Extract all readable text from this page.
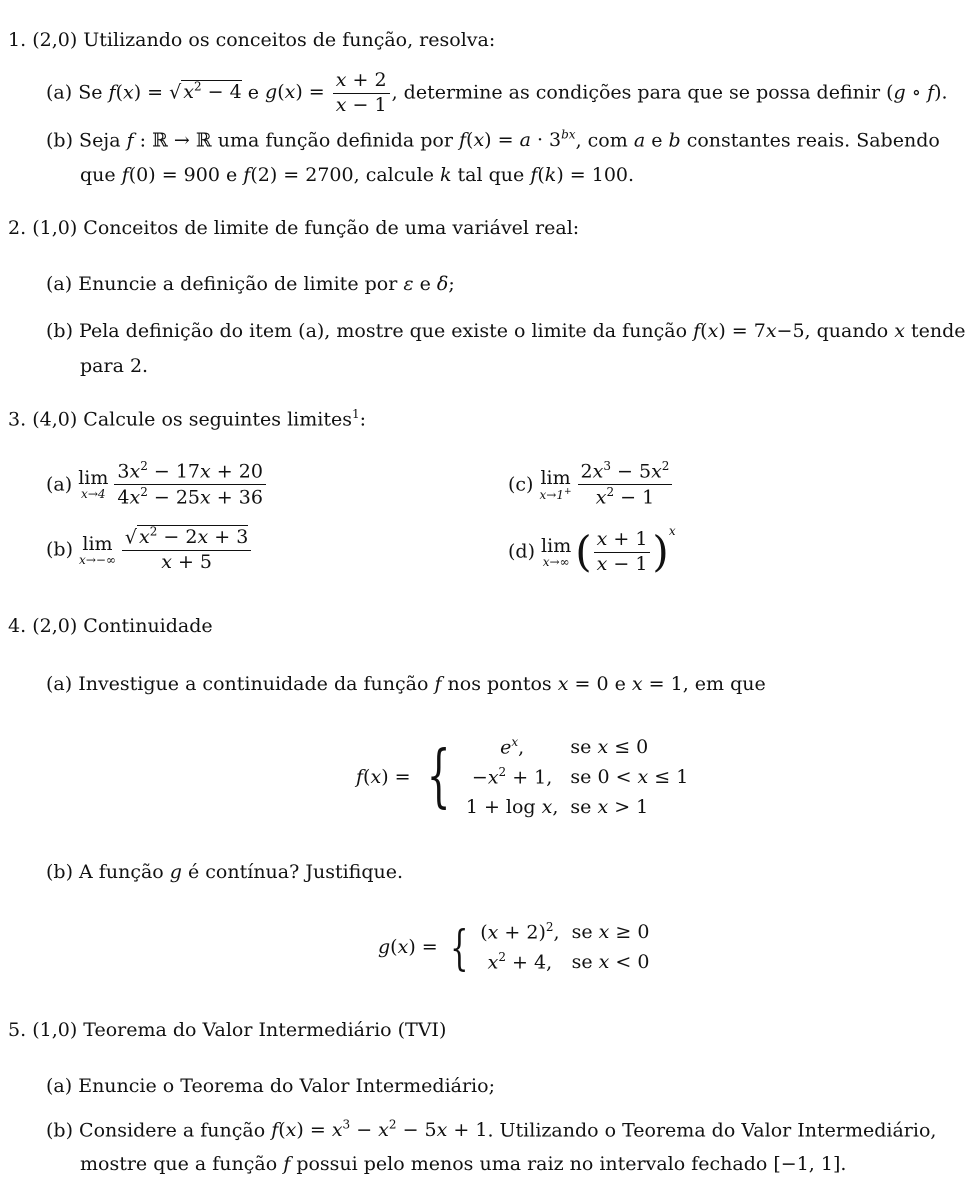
1. (2,0) Utilizando os conceitos de função, resolva:
(a) Se f(x) = √ $x^2 - 4$ e $g(x) = \frac{x + 2}{x - 1}$ , determine as condições para que se possa definir (g ∘ f).
(b) Seja f : ℝ → ℝ uma função definida por $f(x) = a \cdot 3^{bx}$, com a e b constantes reais. Sabendo
que f(0) = 900 e f(2) = 2700, calcule k tal que f(k) = 100.
2. (1,0) Conceitos de limite de função de uma variável real:
(a) Enuncie a definição de limite por ε e δ;
(b) Pela definição do item (a), mostre que existe o limite da função f(x) = 7x−5, quando x tende
para 2.
3. (4,0) Calcule os seguintes limites$^1$:
(a) lim
$x\to 4 \frac{3x^2 - 17x + 20}{4x^2 - 25x + 36}$	(c) lim
$x\to 1^+ \frac{2x^3 - 5x^2}{x^2 - 1}$
(b) lim
$x\to-\infty \frac{√ x^2 - 2x + 3}{x + 5}$	(d) lim
x→∞ ( $\frac{x + 1}{x - 1} )^x$
4. (2,0) Continuidade
(a) Investigue a continuidade da função f nos pontos x = 0 e x = 1, em que
f(x) = {	$e^x$,	se x ≤ 0
$-x^2 + 1$,	se 0 < x ≤ 1
1 + log x,	se x > 1
(b) A função g é contínua? Justifique.
g(x) = { $(x + 2)^2$,	se x ≥ 0
$x^2 + 4$,	se x < 0
5. (1,0) Teorema do Valor Intermediário (TVI)
(a) Enuncie o Teorema do Valor Intermediário;
(b) Considere a função $f(x) = x^3 - x^2 - 5x + 1$. Utilizando o Teorema do Valor Intermediário,
mostre que a função f possui pelo menos uma raiz no intervalo fechado [−1, 1].
